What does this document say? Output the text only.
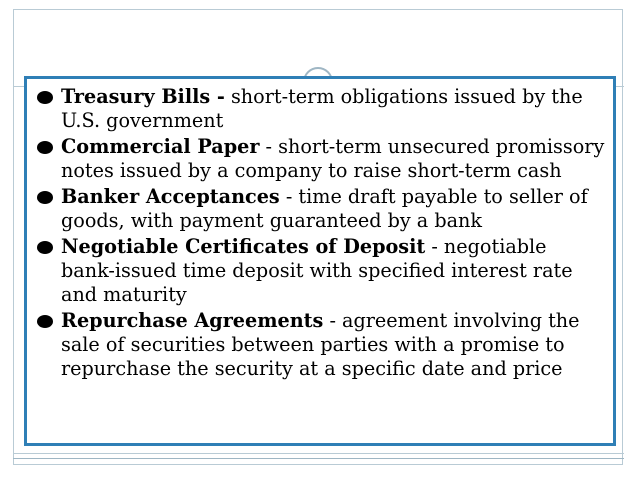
Treasury Bills - short-term obligations issued by the U.S. government
Commercial Paper - short-term unsecured promissory notes issued by a company to raise short-term cash
Banker Acceptances - time draft payable to seller of goods, with payment guaranteed by a bank
Negotiable Certificates of Deposit - negotiable bank-issued time deposit with specified interest rate and maturity
Repurchase Agreements - agreement involving the sale of securities between parties with a promise to repurchase the security at a specific date and price
